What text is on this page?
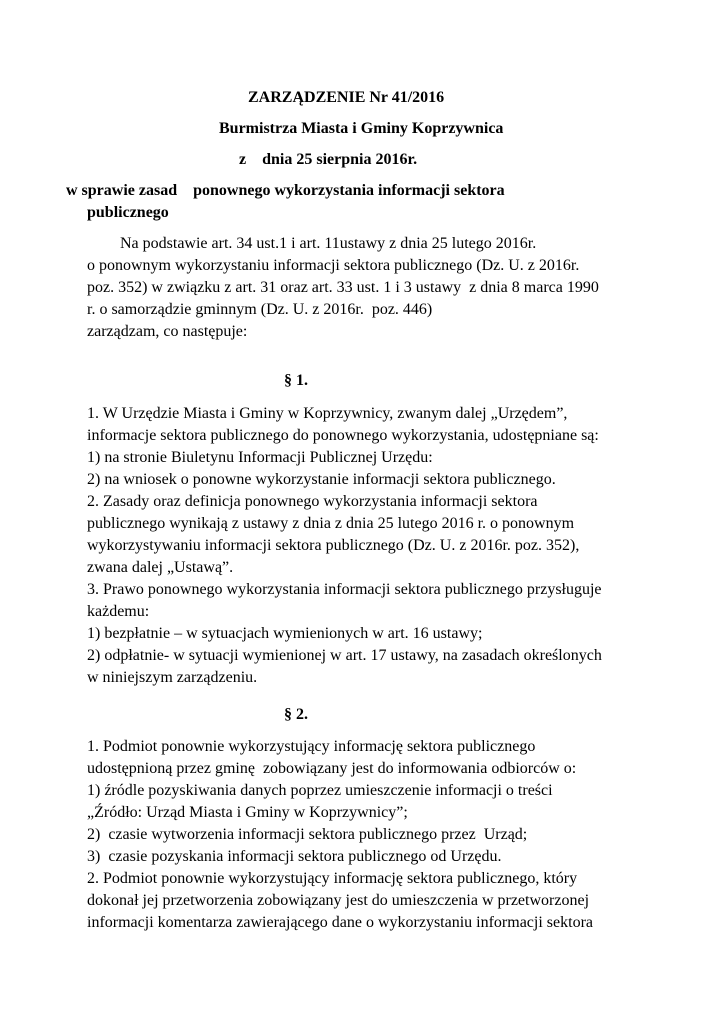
ZARZĄDZENIE Nr 41/2016
Burmistrza Miasta i Gminy Koprzywnica
z    dnia 25 sierpnia 2016r.
w sprawie zasad    ponownego wykorzystania informacji sektora
publicznego
Na podstawie art. 34 ust.1 i art. 11ustawy z dnia 25 lutego 2016r.
o ponownym wykorzystaniu informacji sektora publicznego (Dz. U. z 2016r.
poz. 352) w związku z art. 31 oraz art. 33 ust. 1 i 3 ustawy  z dnia 8 marca 1990
r. o samorządzie gminnym (Dz. U. z 2016r.  poz. 446)
zarządzam, co następuje:
§ 1.
1. W Urzędzie Miasta i Gminy w Koprzywnicy, zwanym dalej „Urzędem”,
informacje sektora publicznego do ponownego wykorzystania, udostępniane są:
1) na stronie Biuletynu Informacji Publicznej Urzędu:
2) na wniosek o ponowne wykorzystanie informacji sektora publicznego.
2. Zasady oraz definicja ponownego wykorzystania informacji sektora
publicznego wynikają z ustawy z dnia z dnia 25 lutego 2016 r. o ponownym
wykorzystywaniu informacji sektora publicznego (Dz. U. z 2016r. poz. 352),
zwana dalej „Ustawą”.
3. Prawo ponownego wykorzystania informacji sektora publicznego przysługuje
każdemu:
1) bezpłatnie – w sytuacjach wymienionych w art. 16 ustawy;
2) odpłatnie- w sytuacji wymienionej w art. 17 ustawy, na zasadach określonych
w niniejszym zarządzeniu.
§ 2.
1. Podmiot ponownie wykorzystujący informację sektora publicznego
udostępnioną przez gminę  zobowiązany jest do informowania odbiorców o:
1) źródle pozyskiwania danych poprzez umieszczenie informacji o treści
„Źródło: Urząd Miasta i Gminy w Koprzywnicy”;
2)  czasie wytworzenia informacji sektora publicznego przez  Urząd;
3)  czasie pozyskania informacji sektora publicznego od Urzędu.
2. Podmiot ponownie wykorzystujący informację sektora publicznego, który
dokonał jej przetworzenia zobowiązany jest do umieszczenia w przetworzonej
informacji komentarza zawierającego dane o wykorzystaniu informacji sektora
